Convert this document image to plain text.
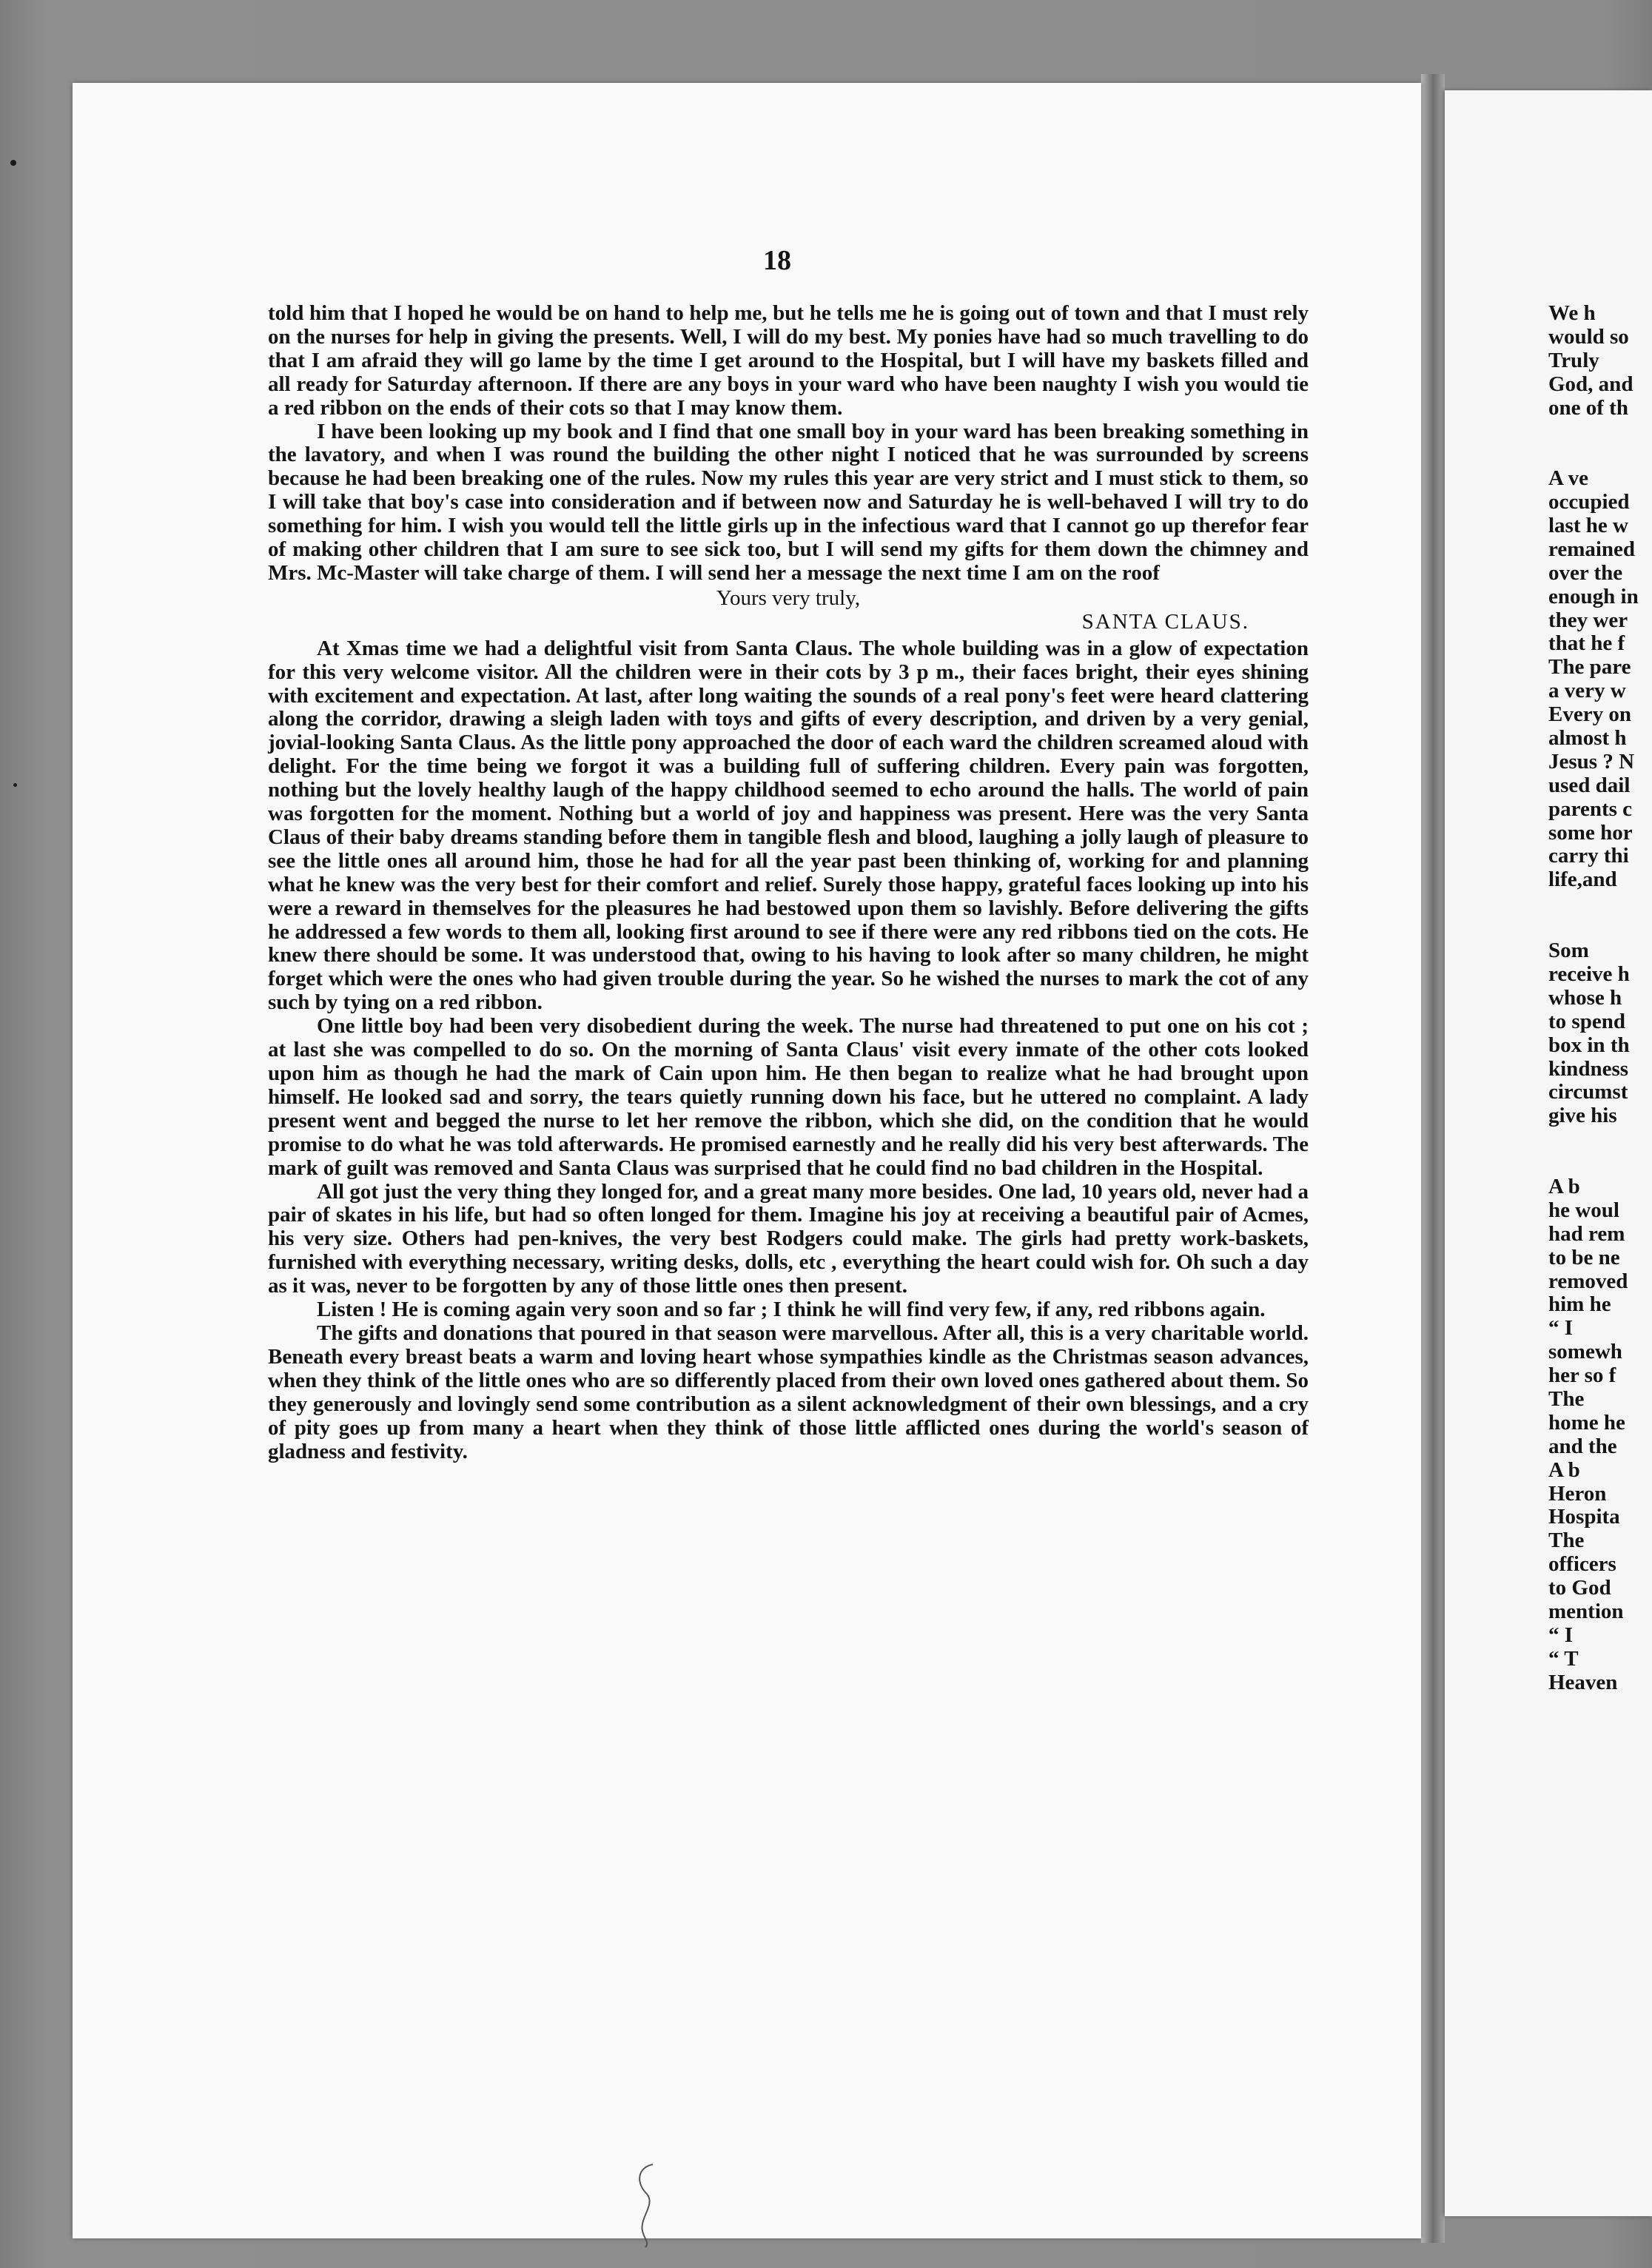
18

told him that I hoped he would be on hand to help me, but he tells me he is going out of town and that I must rely on the nurses for help in giving the presents. Well, I will do my best. My ponies have had so much travelling to do that I am afraid they will go lame by the time I get around to the Hospital, but I will have my baskets filled and all ready for Saturday afternoon. If there are any boys in your ward who have been naughty I wish you would tie a red ribbon on the ends of their cots so that I may know them.

I have been looking up my book and I find that one small boy in your ward has been breaking something in the lavatory, and when I was round the building the other night I noticed that he was surrounded by screens because he had been breaking one of the rules. Now my rules this year are very strict and I must stick to them, so I will take that boy's case into consideration and if between now and Saturday he is well-behaved I will try to do something for him. I wish you would tell the little girls up in the infectious ward that I cannot go up therefor fear of making other children that I am sure to see sick too, but I will send my gifts for them down the chimney and Mrs. Mc-Master will take charge of them. I will send her a message the next time I am on the roof

Yours very truly,

SANTA CLAUS.

At Xmas time we had a delightful visit from Santa Claus. The whole building was in a glow of expectation for this very welcome visitor. All the children were in their cots by 3 p m., their faces bright, their eyes shining with excitement and expectation. At last, after long waiting the sounds of a real pony's feet were heard clattering along the corridor, drawing a sleigh laden with toys and gifts of every description, and driven by a very genial, jovial-looking Santa Claus. As the little pony approached the door of each ward the children screamed aloud with delight. For the time being we forgot it was a building full of suffering children. Every pain was forgotten, nothing but the lovely healthy laugh of the happy childhood seemed to echo around the halls. The world of pain was forgotten for the moment. Nothing but a world of joy and happiness was present. Here was the very Santa Claus of their baby dreams standing before them in tangible flesh and blood, laughing a jolly laugh of pleasure to see the little ones all around him, those he had for all the year past been thinking of, working for and planning what he knew was the very best for their comfort and relief. Surely those happy, grateful faces looking up into his were a reward in themselves for the pleasures he had bestowed upon them so lavishly. Before delivering the gifts he addressed a few words to them all, looking first around to see if there were any red ribbons tied on the cots. He knew there should be some. It was understood that, owing to his having to look after so many children, he might forget which were the ones who had given trouble during the year. So he wished the nurses to mark the cot of any such by tying on a red ribbon.

One little boy had been very disobedient during the week. The nurse had threatened to put one on his cot ; at last she was compelled to do so. On the morning of Santa Claus' visit every inmate of the other cots looked upon him as though he had the mark of Cain upon him. He then began to realize what he had brought upon himself. He looked sad and sorry, the tears quietly running down his face, but he uttered no complaint. A lady present went and begged the nurse to let her remove the ribbon, which she did, on the condition that he would promise to do what he was told afterwards. He promised earnestly and he really did his very best afterwards. The mark of guilt was removed and Santa Claus was surprised that he could find no bad children in the Hospital.

All got just the very thing they longed for, and a great many more besides. One lad, 10 years old, never had a pair of skates in his life, but had so often longed for them. Imagine his joy at receiving a beautiful pair of Acmes, his very size. Others had pen-knives, the very best Rodgers could make. The girls had pretty work-baskets, furnished with everything necessary, writing desks, dolls, etc , everything the heart could wish for. Oh such a day as it was, never to be forgotten by any of those little ones then present.

Listen ! He is coming again very soon and so far ; I think he will find very few, if any, red ribbons again.

The gifts and donations that poured in that season were marvellous. After all, this is a very charitable world. Beneath every breast beats a warm and loving heart whose sympathies kindle as the Christmas season advances, when they think of the little ones who are so differently placed from their own loved ones gathered about them. So they generously and lovingly send some contribution as a silent acknowledgment of their own blessings, and a cry of pity goes up from many a heart when they think of those little afflicted ones during the world's season of gladness and festivity.

We h
would so
Truly
God, and
one of th
A ve
occupied
last he w
remained
over the
enough in
they wer
that he f
The pare
a very w
Every on
almost h
Jesus ? N
used dail
parents c
some hor
carry thi
life,and
Som
receive h
whose h
to spend
box in th
kindness
circumst
give his
A b
he woul
had rem
to be ne
removed
him he
“ I
somewh
her so f
The
home he
and the
A b
Heron
Hospita
The
officers
to God
mention
“ I
“ T
Heaven
